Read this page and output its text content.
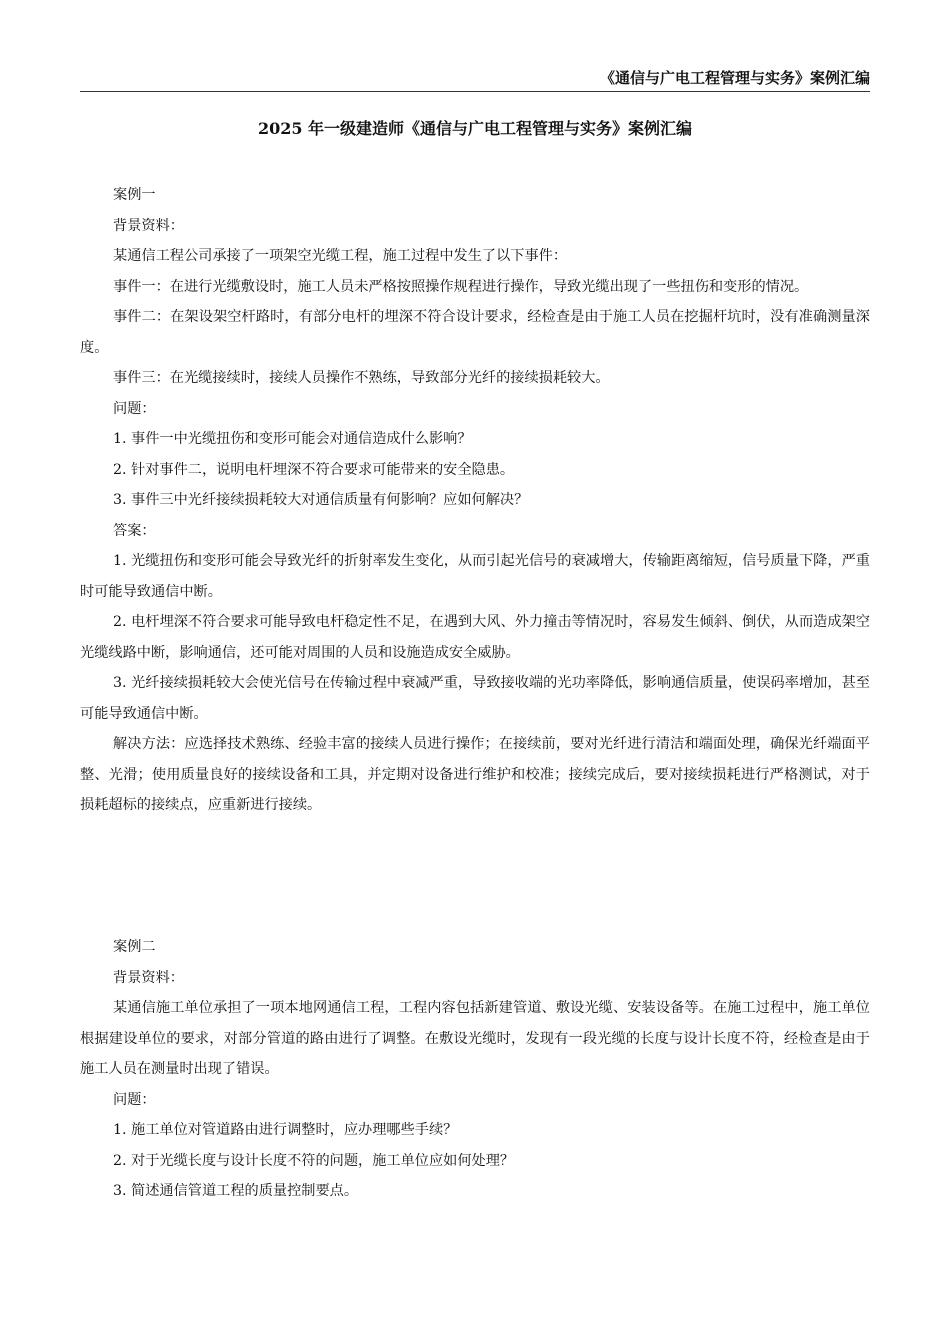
《通信与广电工程管理与实务》案例汇编
2025 年一级建造师《通信与广电工程管理与实务》案例汇编

案例一

背景资料：

某通信工程公司承接了一项架空光缆工程，施工过程中发生了以下事件：

事件一：在进行光缆敷设时，施工人员未严格按照操作规程进行操作，导致光缆出现了一些扭伤和变形的情况。

事件二：在架设架空杆路时，有部分电杆的埋深不符合设计要求，经检查是由于施工人员在挖掘杆坑时，没有准确测量深度。

事件三：在光缆接续时，接续人员操作不熟练，导致部分光纤的接续损耗较大。

问题：

1. 事件一中光缆扭伤和变形可能会对通信造成什么影响？

2. 针对事件二，说明电杆埋深不符合要求可能带来的安全隐患。

3. 事件三中光纤接续损耗较大对通信质量有何影响？应如何解决？

答案：

1. 光缆扭伤和变形可能会导致光纤的折射率发生变化，从而引起光信号的衰减增大，传输距离缩短，信号质量下降，严重时可能导致通信中断。

2. 电杆埋深不符合要求可能导致电杆稳定性不足，在遇到大风、外力撞击等情况时，容易发生倾斜、倒伏，从而造成架空光缆线路中断，影响通信，还可能对周围的人员和设施造成安全威胁。

3. 光纤接续损耗较大会使光信号在传输过程中衰减严重，导致接收端的光功率降低，影响通信质量，使误码率增加，甚至可能导致通信中断。

解决方法：应选择技术熟练、经验丰富的接续人员进行操作；在接续前，要对光纤进行清洁和端面处理，确保光纤端面平整、光滑；使用质量良好的接续设备和工具，并定期对设备进行维护和校准；接续完成后，要对接续损耗进行严格测试，对于损耗超标的接续点，应重新进行接续。

案例二

背景资料：

某通信施工单位承担了一项本地网通信工程，工程内容包括新建管道、敷设光缆、安装设备等。在施工过程中，施工单位根据建设单位的要求，对部分管道的路由进行了调整。在敷设光缆时，发现有一段光缆的长度与设计长度不符，经检查是由于施工人员在测量时出现了错误。

问题：

1. 施工单位对管道路由进行调整时，应办理哪些手续？

2. 对于光缆长度与设计长度不符的问题，施工单位应如何处理？

3. 简述通信管道工程的质量控制要点。
